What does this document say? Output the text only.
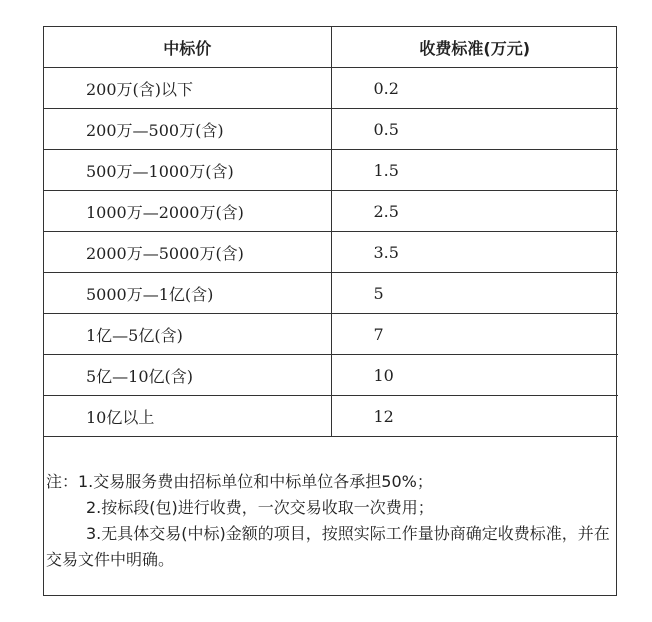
中标价	收费标准(万元)
200万(含)以下	0.2
200万—500万(含)	0.5
500万—1000万(含)	1.5
1000万—2000万(含)	2.5
2000万—5000万(含)	3.5
5000万—1亿(含)	5
1亿—5亿(含)	7
5亿—10亿(含)	10
10亿以上	12
注：1.交易服务费由招标单位和中标单位各承担50%；
2.按标段(包)进行收费，一次交易收取一次费用；
3.无具体交易(中标)金额的项目，按照实际工作量协商确定收费标准，并在交易文件中明确。
